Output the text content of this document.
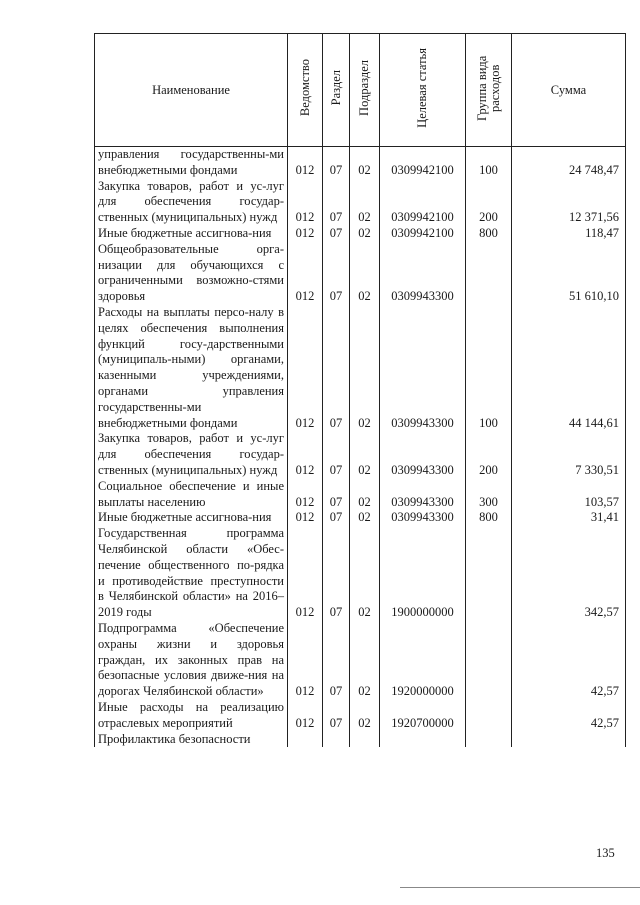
Наименование	Ведомство	Раздел	Подраздел	Целевая статья	Группа вида расходов	Сумма
управления государственны-ми внебюджетными фондами	012	07	02	0309942100	100	24 748,47
Закупка товаров, работ и ус-луг для обеспечения государ-ственных (муниципальных) нужд	012	07	02	0309942100	200	12 371,56
Иные бюджетные ассигнова-ния	012	07	02	0309942100	800	118,47
Общеобразовательные орга-низации для обучающихся с ограниченными возможно-стями здоровья	012	07	02	0309943300		51 610,10
Расходы на выплаты персо-налу в целях обеспечения выполнения функций госу-дарственными (муниципаль-ными) органами, казенными учреждениями, органами управления государственны-ми внебюджетными фондами	012	07	02	0309943300	100	44 144,61
Закупка товаров, работ и ус-луг для обеспечения государ-ственных (муниципальных) нужд	012	07	02	0309943300	200	7 330,51
Социальное обеспечение и иные выплаты населению	012	07	02	0309943300	300	103,57
Иные бюджетные ассигнова-ния	012	07	02	0309943300	800	31,41
Государственная программа Челябинской области «Обес-печение общественного по-рядка и противодействие преступности в Челябинской области» на 2016–2019 годы	012	07	02	1900000000		342,57
Подпрограмма «Обеспечение охраны жизни и здоровья граждан, их законных прав на безопасные условия движе-ния на дорогах Челябинской области»	012	07	02	1920000000		42,57
Иные расходы на реализацию отраслевых мероприятий	012	07	02	1920700000		42,57
Профилактика безопасности						
135
